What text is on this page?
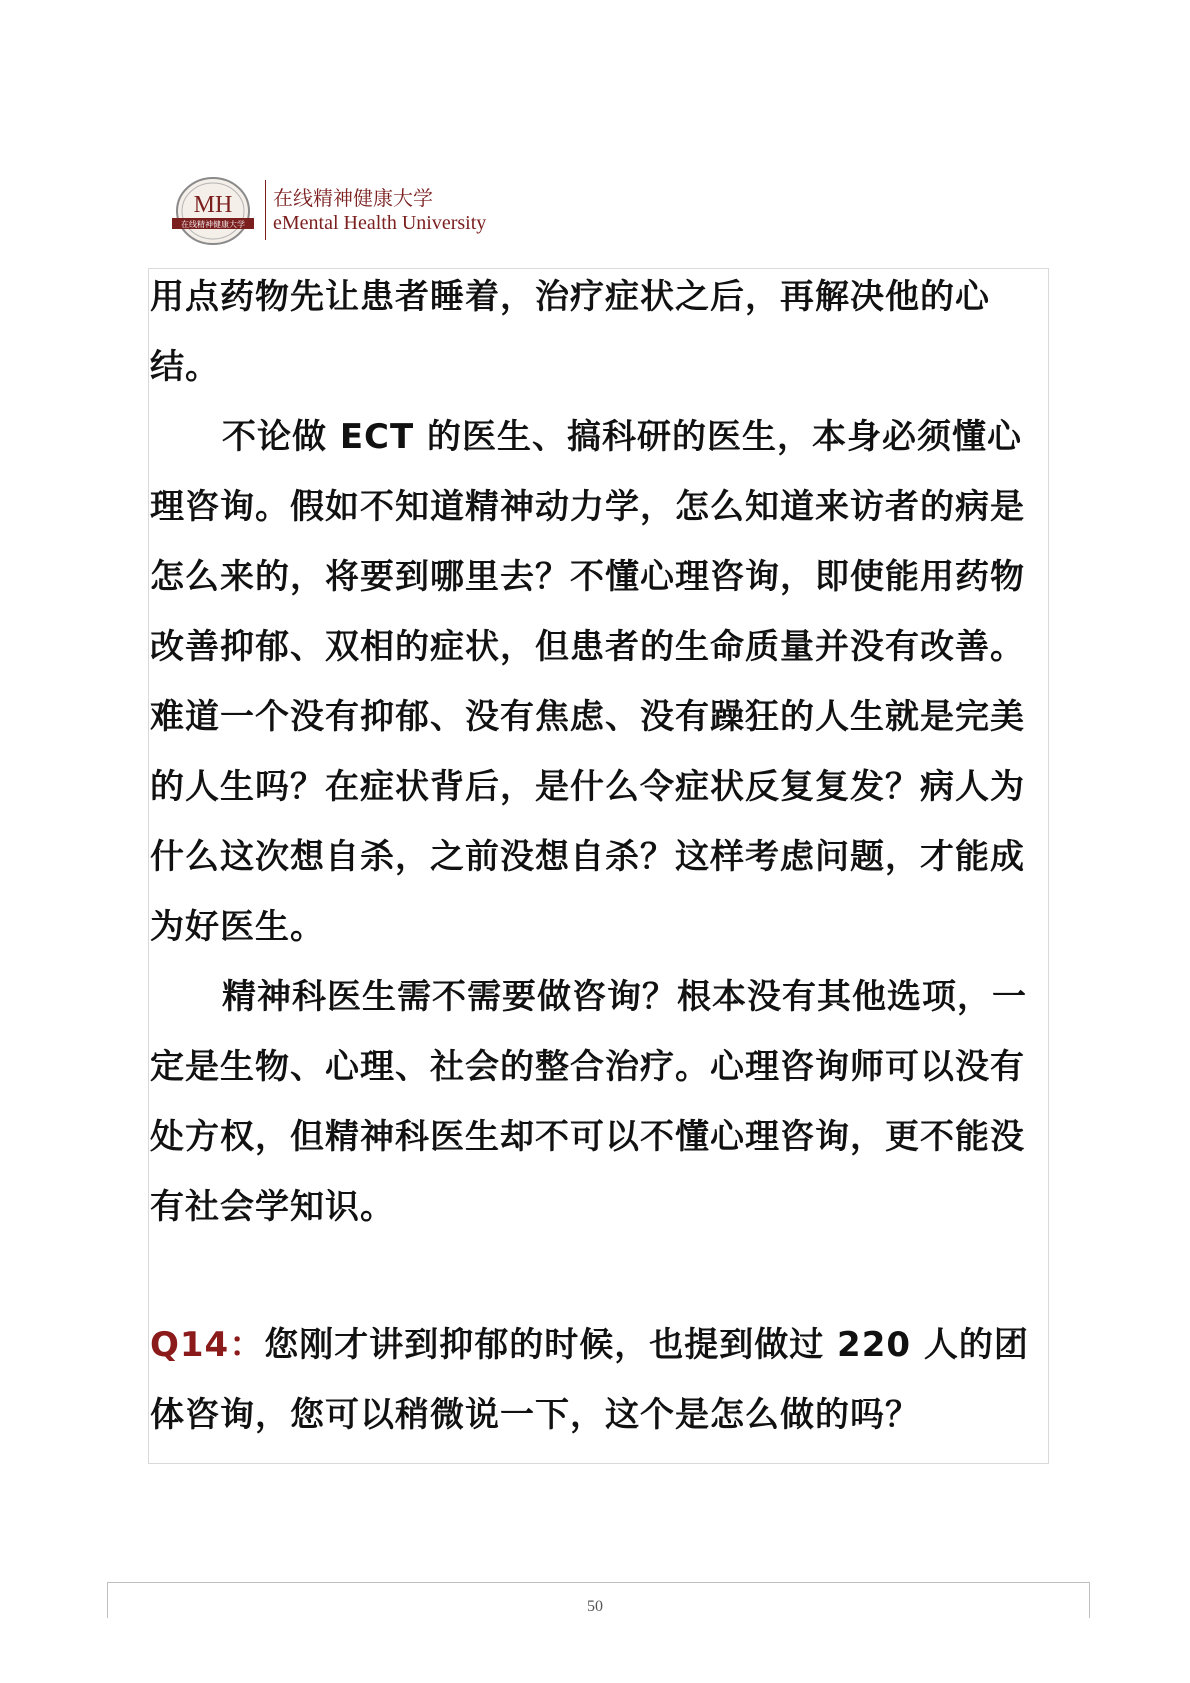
MH
在线精神健康大学
在线精神健康大学
eMental Health University

用点药物先让患者睡着，治疗症状之后，再解决他的心结。

不论做 ECT 的医生、搞科研的医生，本身必须懂心理咨询。假如不知道精神动力学，怎么知道来访者的病是怎么来的，将要到哪里去？不懂心理咨询，即使能用药物改善抑郁、双相的症状，但患者的生命质量并没有改善。难道一个没有抑郁、没有焦虑、没有躁狂的人生就是完美的人生吗？在症状背后，是什么令症状反复复发？病人为什么这次想自杀，之前没想自杀？这样考虑问题，才能成为好医生。

精神科医生需不需要做咨询？根本没有其他选项，一定是生物、心理、社会的整合治疗。心理咨询师可以没有处方权，但精神科医生却不可以不懂心理咨询，更不能没有社会学知识。

Q14：您刚才讲到抑郁的时候，也提到做过 220 人的团体咨询，您可以稍微说一下，这个是怎么做的吗？

50
